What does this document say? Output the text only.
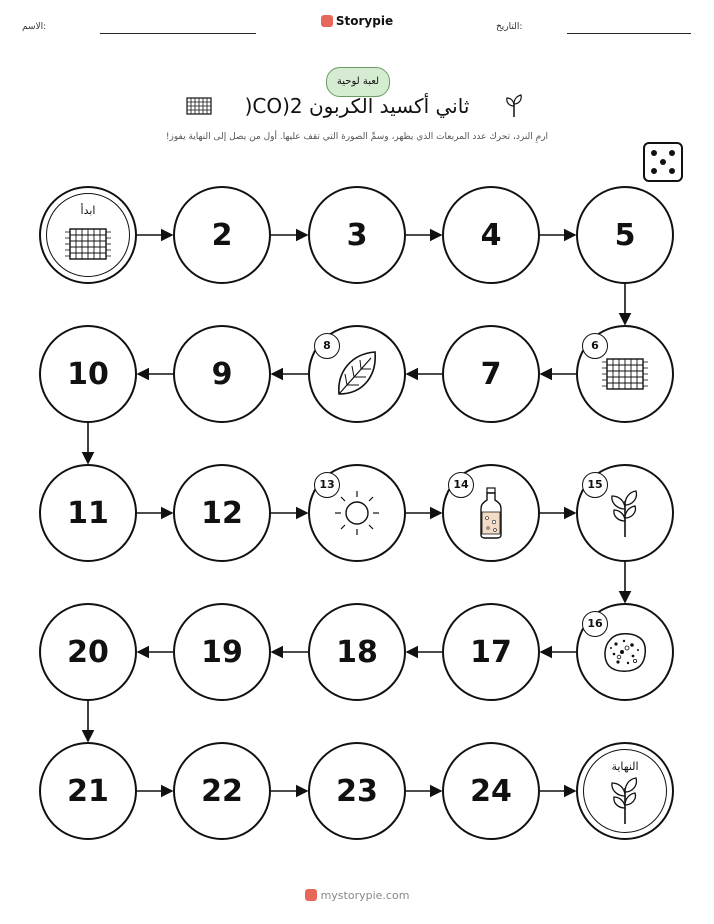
الاسم:	Storypie	التاريخ:
لعبة لوحية
ثاني أكسيد الكربون CO)2(
ارمِ النرد، تحرك عدد المربعات الذي يظهر، وسمِّ الصورة التي تقف عليها. أول من يصل إلى النهاية يفوز!
ابدأ
2	3	4	5
6
7
8
9
10
11	12
13	14	15
16
17
18
19
20
21	22	23	24
النهاية
mystorypie.com
